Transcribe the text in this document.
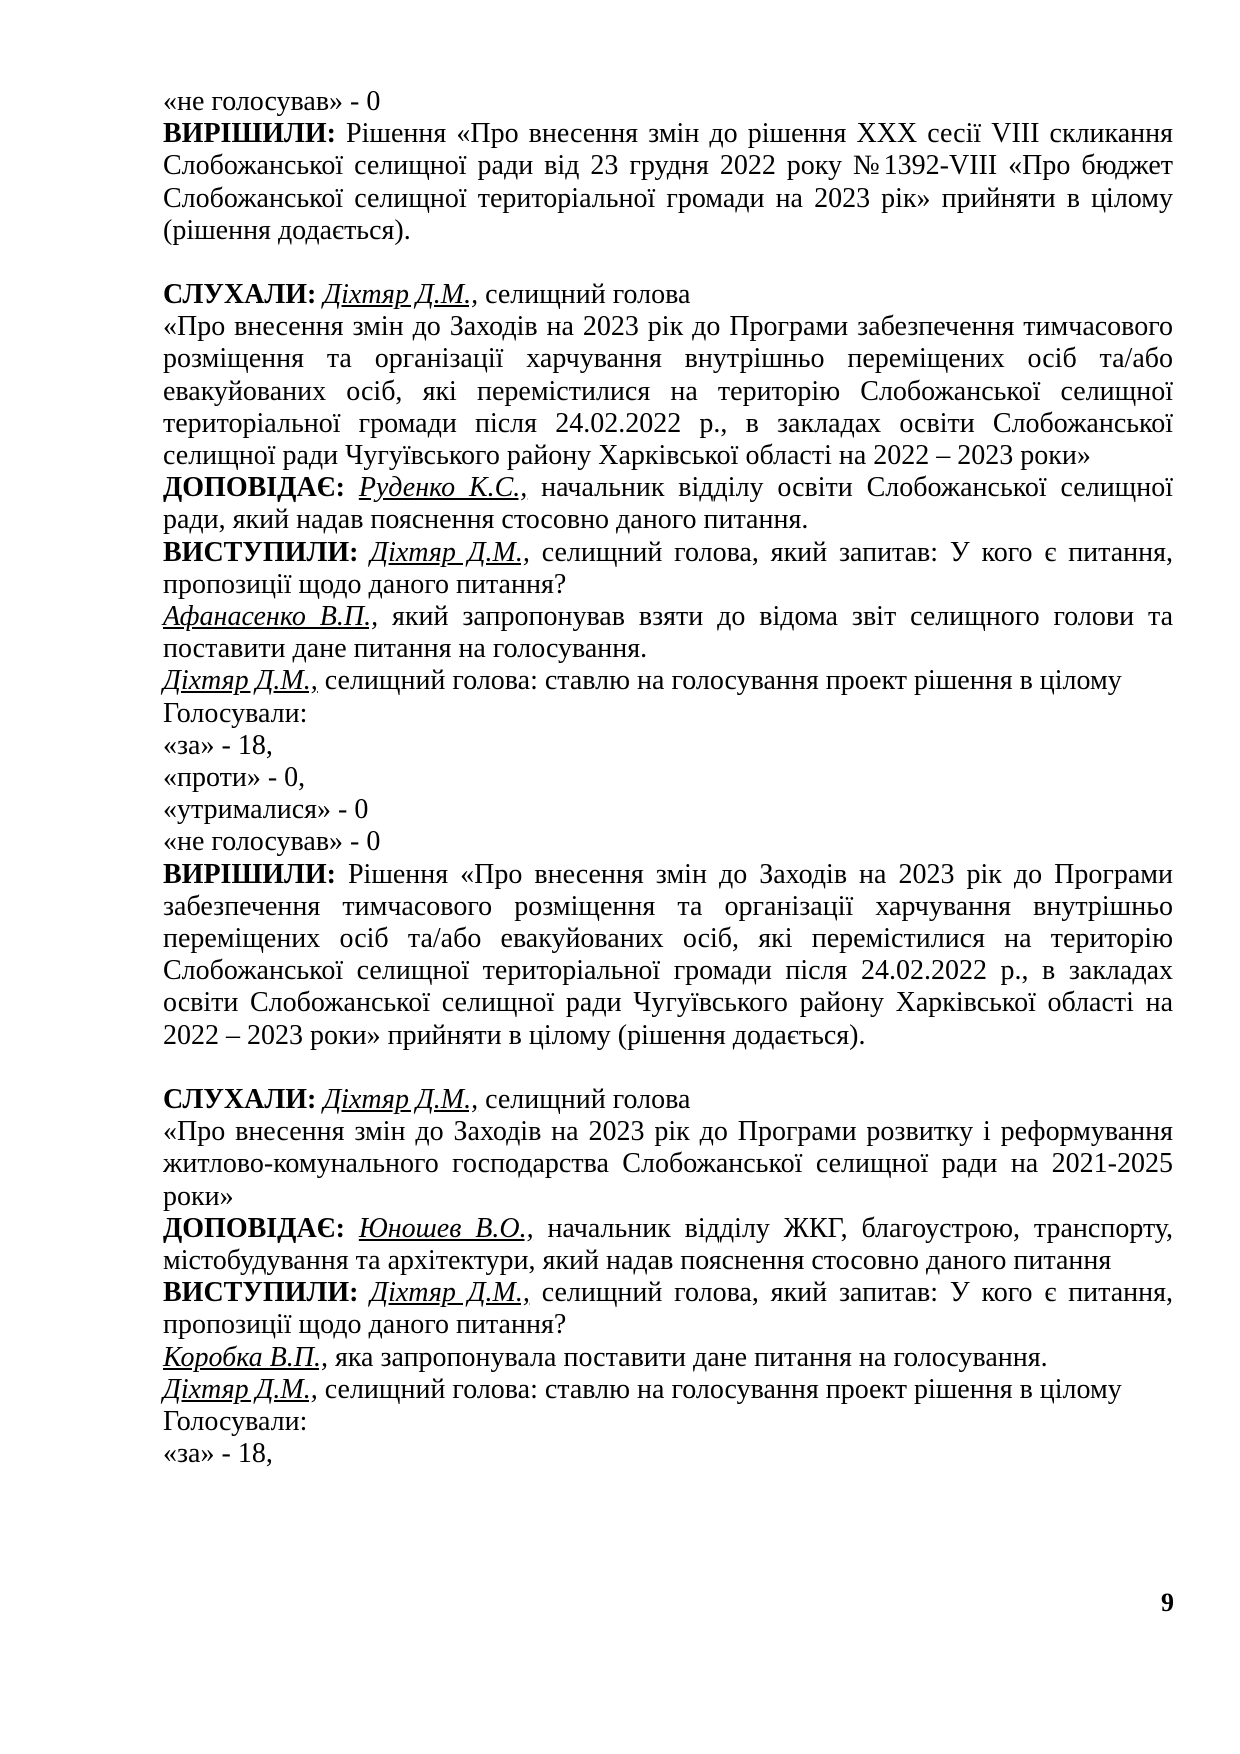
«не голосував» - 0

ВИРІШИЛИ: Рішення «Про внесення змін до рішення ХХХ сесії VIII скликання Слобожанської селищної ради від 23 грудня 2022 року №1392-VIII «Про бюджет Слобожанської селищної територіальної громади на 2023 рік» прийняти в цілому (рішення додається).

СЛУХАЛИ: Діхтяр Д.М., селищний голова

«Про внесення змін до Заходів на 2023 рік до Програми забезпечення тимчасового розміщення та організації харчування внутрішньо переміщених осіб та/або евакуйованих осіб, які перемістилися на територію Слобожанської селищної територіальної громади після 24.02.2022 р., в закладах освіти Слобожанської селищної ради Чугуївського району Харківської області на 2022 – 2023 роки»

ДОПОВІДАЄ: Руденко К.С., начальник відділу освіти Слобожанської селищної ради, який надав пояснення стосовно даного питання.

ВИСТУПИЛИ: Діхтяр Д.М., селищний голова, який запитав: У кого є питання, пропозиції щодо даного питання?

Афанасенко В.П., який запропонував взяти до відома звіт селищного голови та поставити дане питання на голосування.

Діхтяр Д.М., селищний голова: ставлю на голосування проект рішення в цілому

Голосували:

«за» - 18,

«проти» - 0,

«утрималися» - 0

«не голосував» - 0

ВИРІШИЛИ: Рішення «Про внесення змін до Заходів на 2023 рік до Програми забезпечення тимчасового розміщення та організації харчування внутрішньо переміщених осіб та/або евакуйованих осіб, які перемістилися на територію Слобожанської селищної територіальної громади після 24.02.2022 р., в закладах освіти Слобожанської селищної ради Чугуївського району Харківської області на 2022 – 2023 роки» прийняти в цілому (рішення додається).

СЛУХАЛИ: Діхтяр Д.М., селищний голова

«Про внесення змін до Заходів на 2023 рік до Програми розвитку і реформування житлово-комунального господарства Слобожанської селищної ради на 2021-2025 роки»

ДОПОВІДАЄ: Юношев В.О., начальник відділу ЖКГ, благоустрою, транспорту, містобудування та архітектури, який надав пояснення стосовно даного питання

ВИСТУПИЛИ: Діхтяр Д.М., селищний голова, який запитав: У кого є питання, пропозиції щодо даного питання?

Коробка В.П., яка запропонувала поставити дане питання на голосування.

Діхтяр Д.М., селищний голова: ставлю на голосування проект рішення в цілому

Голосували:

«за» - 18,

9
